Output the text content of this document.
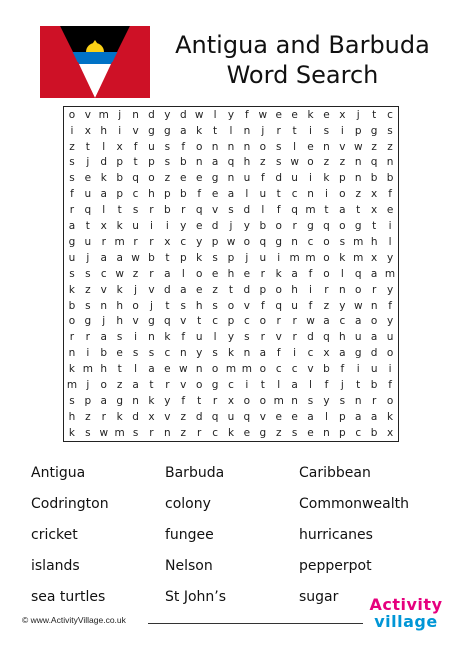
Antigua and Barbuda
Word Search
o v m j	n d y d w l	y	f w e e k e x	j	t	c
i	x h	i	v g g a k	t	l	n	j	r	t	i	s	i	p g s
z	t	l	x	f	u s	f	o n n n o s	l	e n v w z z
s	j	d p	t	p s b n a q h z s w o z z n q n
s e k b q o z e e g n u	f	d u	i	k p n b b
f	u a p c h p b	f	e a	l	u	t	c n	i	o z x	f
r q	l	t	s	r b r q v s d	l	f	q m t	a	t	x e
a	t	x k u	i	i	y e d	j	y b o	r g q o g	t	i
g u r m r	r	x c y p w o q g n c o s m h	l
u	j	a a w b	t	p k s p	j	u	i m m o k m x y
s s c w z	r	a	l	o e h e	r	k a	f	o	l	q a m
k z v k	j	v d a e z	t	d p o h	i	r n o	r	y
b s n h o	j	t	s h s o v	f	q u	f	z y w n	f
o g	j	h v g q v	t	c p c o	r	r w a c a o y
r	r	a s	i	n k	f	u	l	y s	r	v	r d q h u a u
n	i	b e s s c n y s k n a	f	i	c x a g d o
k m h	t	l	a e w n o m m o c c v b	f	i	u	i
m j	o z a	t	r	v o g c	i	t	l	a	l	f	j	t	b	f
s p a g n k y	f	t	r	x o o m n s y s n r	o
h z	r	k d x v z d q u q v e e a	l	p a a k
k s w m s	r n z	r	c k e g z s e n p c b x
Antigua	Barbuda	Caribbean
Codrington	colony	Commonwealth
cricket	fungee	hurricanes
islands	Nelson	pepperpot
sea turtles	St John’s	sugar
© www.ActivityVillage.co.uk
Activity
village
